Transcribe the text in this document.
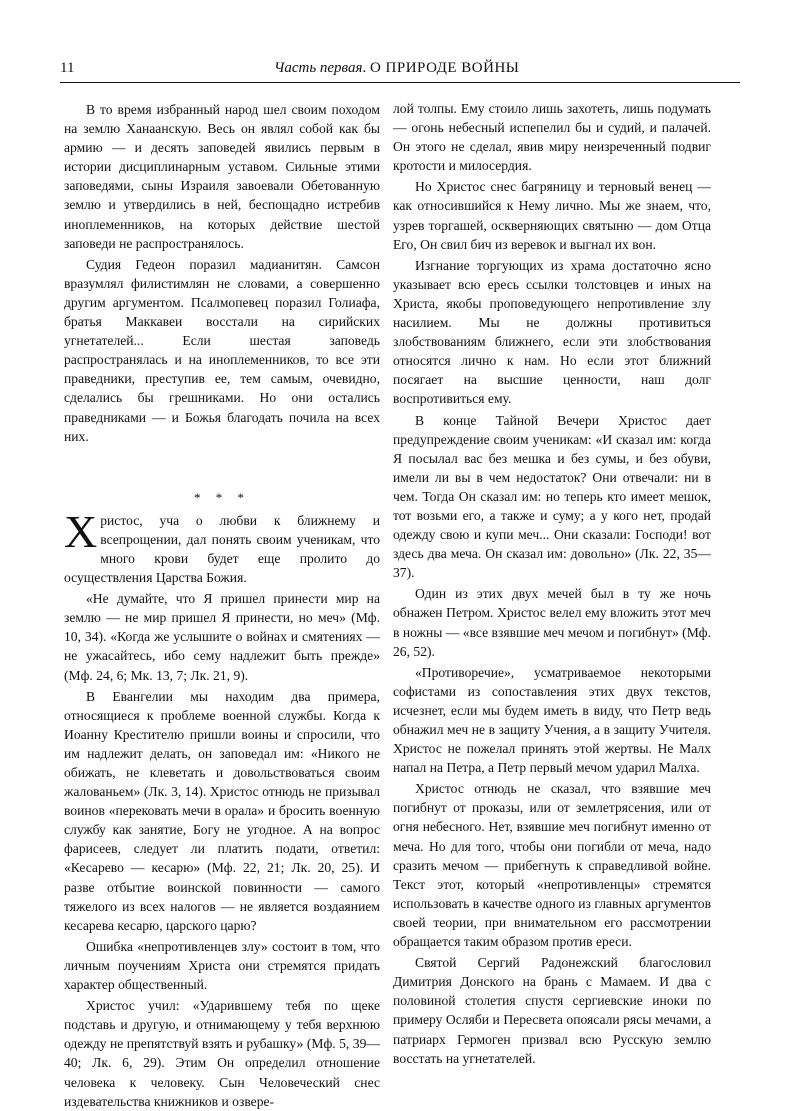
11	Часть первая. О ПРИРОДЕ ВОЙНЫ

В то время избранный народ шел своим походом на землю Ханаанскую. Весь он являл собой как бы армию — и десять заповедей явились первым в истории дисциплинарным уставом. Сильные этими заповедями, сыны Израиля завоевали Обетованную землю и утвердились в ней, беспощадно истребив иноплеменников, на которых действие шестой заповеди не распространялось.

Судия Гедеон поразил мадианитян. Самсон вразумлял филистимлян не словами, а совершенно другим аргументом. Псалмопевец поразил Голиафа, братья Маккавеи восстали на сирийских угнетателей... Если шестая заповедь распространялась и на иноплеменников, то все эти праведники, преступив ее, тем самым, очевидно, сделались бы грешниками. Но они остались праведниками — и Божья благодать почила на всех них.

* * *

Христос, уча о любви к ближнему и всепрощении, дал понять своим ученикам, что много крови будет еще пролито до осуществления Царства Божия.

«Не думайте, что Я пришел принести мир на землю — не мир пришел Я принести, но меч» (Мф. 10, 34). «Когда же услышите о войнах и смятениях — не ужасайтесь, ибо сему надлежит быть прежде» (Мф. 24, 6; Мк. 13, 7; Лк. 21, 9).

В Евангелии мы находим два примера, относящиеся к проблеме военной службы. Когда к Иоанну Крестителю пришли воины и спросили, что им надлежит делать, он заповедал им: «Никого не обижать, не клеветать и довольствоваться своим жалованьем» (Лк. 3, 14). Христос отнюдь не призывал воинов «перековать мечи в орала» и бросить военную службу как занятие, Богу не угодное. А на вопрос фарисеев, следует ли платить подати, ответил: «Кесарево — кесарю» (Мф. 22, 21; Лк. 20, 25). И разве отбытие воинской повинности — самого тяжелого из всех налогов — не является воздаянием кесарева кесарю, царского царю?

Ошибка «непротивленцев злу» состоит в том, что личным поучениям Христа они стремятся придать характер общественный.

Христос учил: «Ударившему тебя по щеке подставь и другую, и отнимающему у тебя верхнюю одежду не препятствуй взять и рубашку» (Мф. 5, 39—40; Лк. 6, 29). Этим Он определил отношение человека к человеку. Сын Человеческий снес издевательства книжников и озвере-

лой толпы. Ему стоило лишь захотеть, лишь подумать — огонь небесный испепелил бы и судий, и палачей. Он этого не сделал, явив миру неизреченный подвиг кротости и милосердия.

Но Христос снес багряницу и терновый венец — как относившийся к Нему лично. Мы же знаем, что, узрев торгашей, оскверняющих святыню — дом Отца Его, Он свил бич из веревок и выгнал их вон.

Изгнание торгующих из храма достаточно ясно указывает всю ересь ссылки толстовцев и иных на Христа, якобы проповедующего непротивление злу насилием. Мы не должны противиться злобствованиям ближнего, если эти злобствования относятся лично к нам. Но если этот ближний посягает на высшие ценности, наш долг воспротивиться ему.

В конце Тайной Вечери Христос дает предупреждение своим ученикам: «И сказал им: когда Я посылал вас без мешка и без сумы, и без обуви, имели ли вы в чем недостаток? Они отвечали: ни в чем. Тогда Он сказал им: но теперь кто имеет мешок, тот возьми его, а также и суму; а у кого нет, продай одежду свою и купи меч... Они сказали: Господи! вот здесь два меча. Он сказал им: довольно» (Лк. 22, 35—37).

Один из этих двух мечей был в ту же ночь обнажен Петром. Христос велел ему вложить этот меч в ножны — «все взявшие меч мечом и погибнут» (Мф. 26, 52).

«Противоречие», усматриваемое некоторыми софистами из сопоставления этих двух текстов, исчезнет, если мы будем иметь в виду, что Петр ведь обнажил меч не в защиту Учения, а в защиту Учителя. Христос не пожелал принять этой жертвы. Не Малх напал на Петра, а Петр первый мечом ударил Малха.

Христос отнюдь не сказал, что взявшие меч погибнут от проказы, или от землетрясения, или от огня небесного. Нет, взявшие меч погибнут именно от меча. Но для того, чтобы они погибли от меча, надо сразить мечом — прибегнуть к справедливой войне. Текст этот, который «непротивленцы» стремятся использовать в качестве одного из главных аргументов своей теории, при внимательном его рассмотрении обращается таким образом против ереси.

Святой Сергий Радонежский благословил Димитрия Донского на брань с Мамаем. И два с половиной столетия спустя сергиевские иноки по примеру Осляби и Пересвета опоясали рясы мечами, а патриарх Гермоген призвал всю Русскую землю восстать на угнетателей.
